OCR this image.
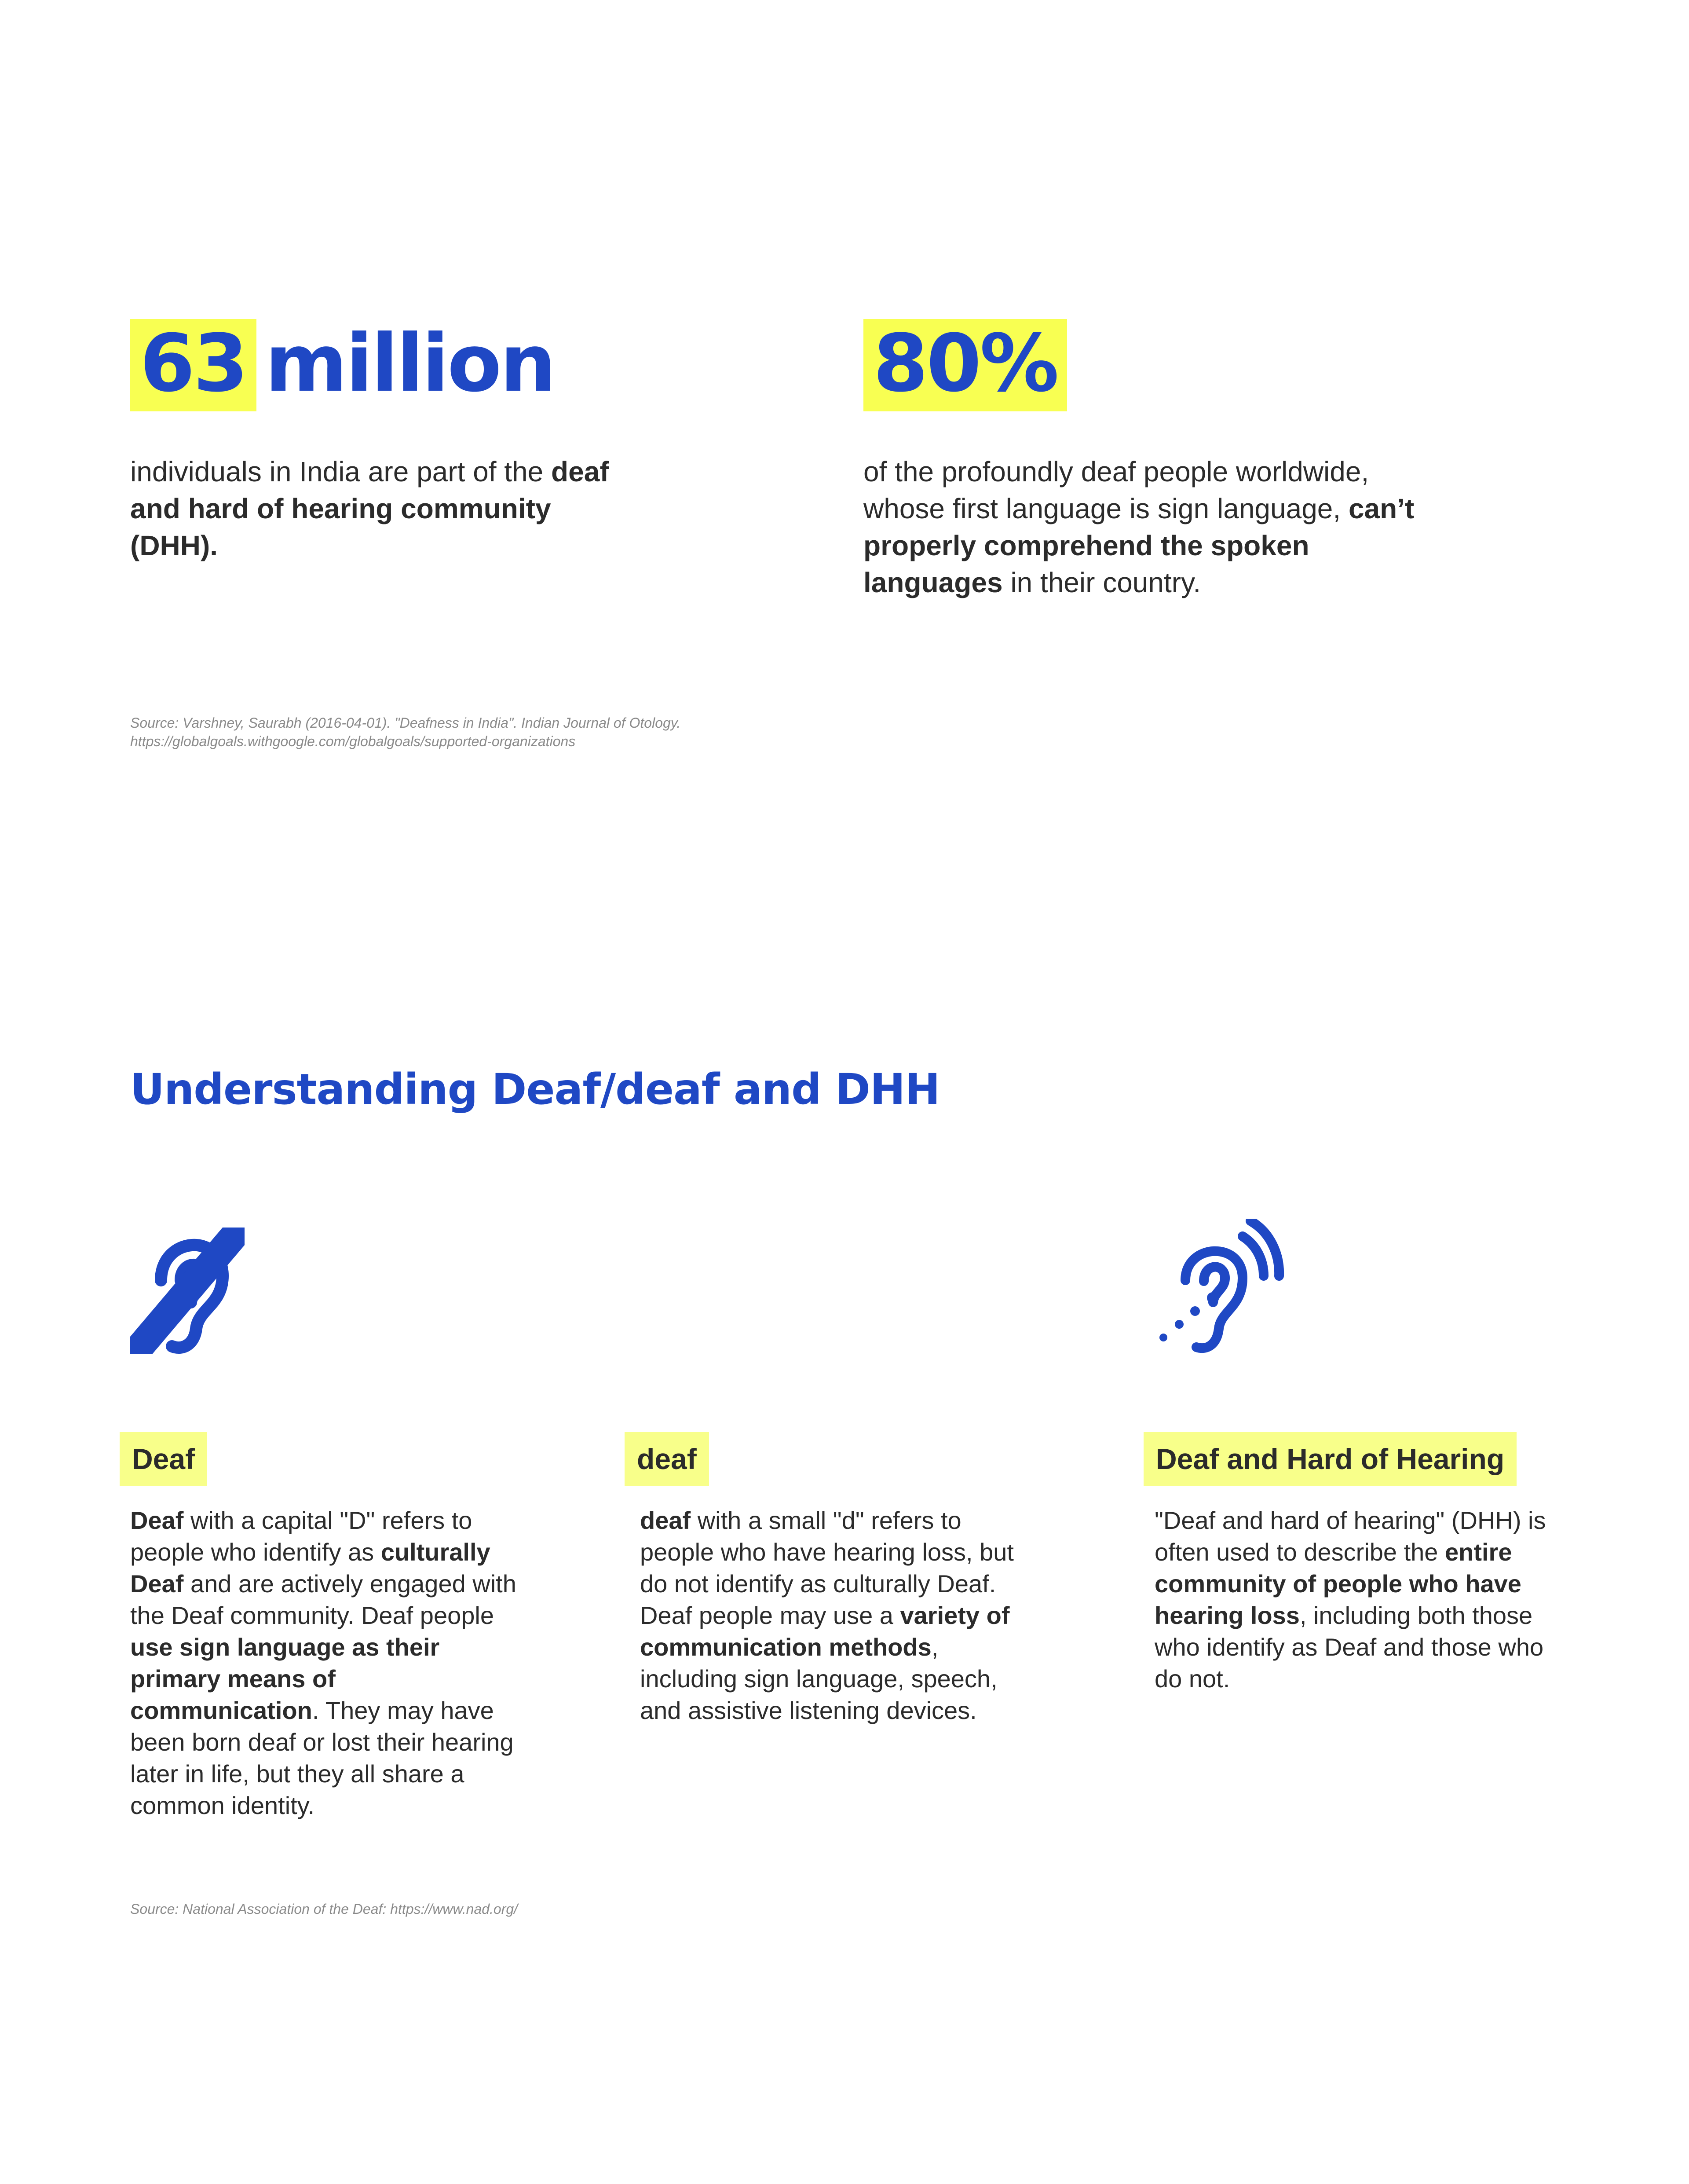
63 million
individuals in India are part of the deaf and hard of hearing community (DHH).
80%
of the profoundly deaf people worldwide, whose first language is sign language, can’t properly comprehend the spoken languages in their country.
Source: Varshney, Saurabh (2016-04-01). "Deafness in India". Indian Journal of Otology.
https://globalgoals.withgoogle.com/globalgoals/supported-organizations
Understanding Deaf/deaf and DHH
Deaf
Deaf with a capital "D" refers to people who identify as culturally Deaf and are actively engaged with the Deaf community. Deaf people use sign language as their primary means of communication. They may have been born deaf or lost their hearing later in life, but they all share a common identity.
deaf
deaf with a small "d" refers to people who have hearing loss, but do not identify as culturally Deaf. Deaf people may use a variety of communication methods, including sign language, speech, and assistive listening devices.
Deaf and Hard of Hearing
"Deaf and hard of hearing" (DHH) is often used to describe the entire community of people who have hearing loss, including both those who identify as Deaf and those who do not.
Source: National Association of the Deaf: https://www.nad.org/
